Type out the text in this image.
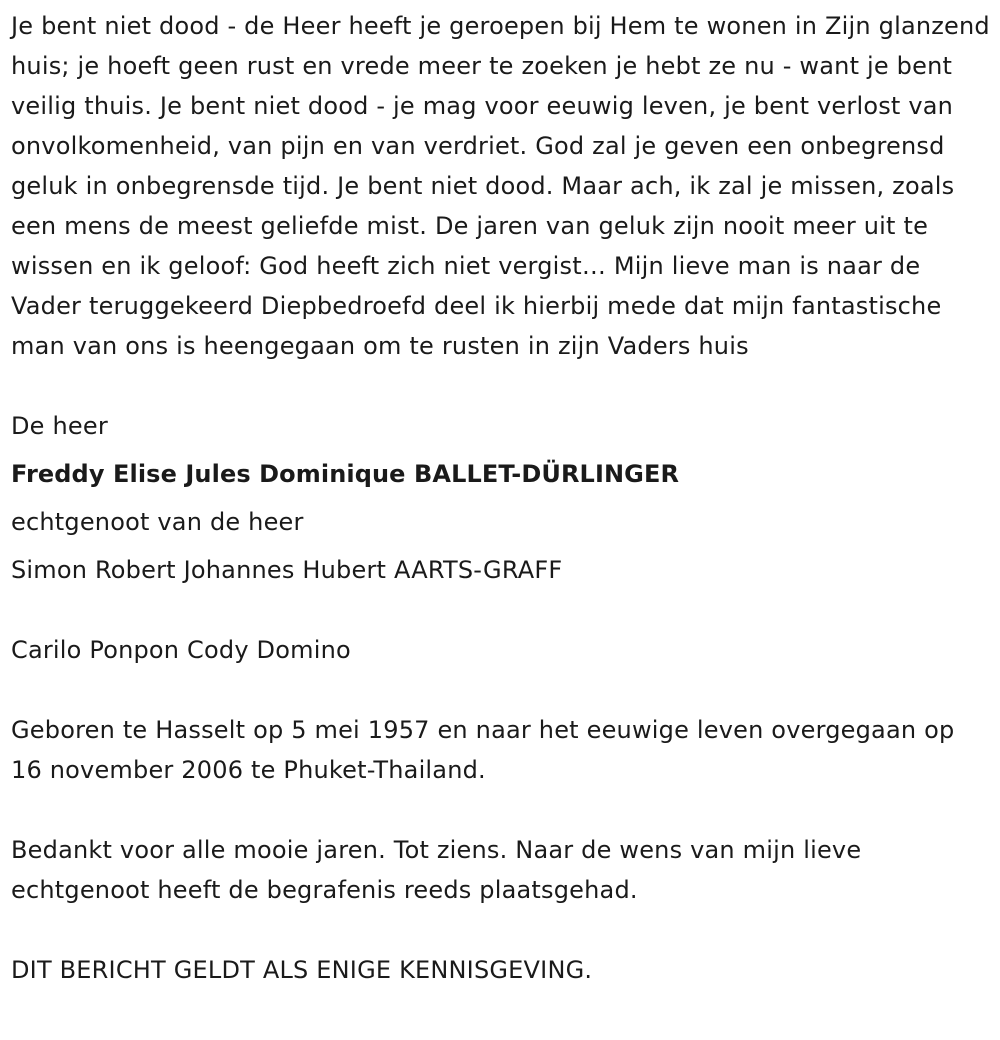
Je bent niet dood - de Heer heeft je geroepen bij Hem te wonen in Zijn glanzend huis; je hoeft geen rust en vrede meer te zoeken je hebt ze nu - want je bent veilig thuis. Je bent niet dood - je mag voor eeuwig leven, je bent verlost van onvolkomenheid, van pijn en van verdriet. God zal je geven een onbegrensd geluk in onbegrensde tijd. Je bent niet dood. Maar ach, ik zal je missen, zoals een mens de meest geliefde mist. De jaren van geluk zijn nooit meer uit te wissen en ik geloof: God heeft zich niet vergist… Mijn lieve man is naar de Vader teruggekeerd Diepbedroefd deel ik hierbij mede dat mijn fantastische man van ons is heengegaan om te rusten in zijn Vaders huis

De heer

Freddy Elise Jules Dominique BALLET-DÜRLINGER

echtgenoot van de heer

Simon Robert Johannes Hubert AARTS-GRAFF

Carilo Ponpon Cody Domino

Geboren te Hasselt op 5 mei 1957 en naar het eeuwige leven overgegaan op 16 november 2006 te Phuket-Thailand.

Bedankt voor alle mooie jaren. Tot ziens. Naar de wens van mijn lieve echtgenoot heeft de begrafenis reeds plaatsgehad.

DIT BERICHT GELDT ALS ENIGE KENNISGEVING.
